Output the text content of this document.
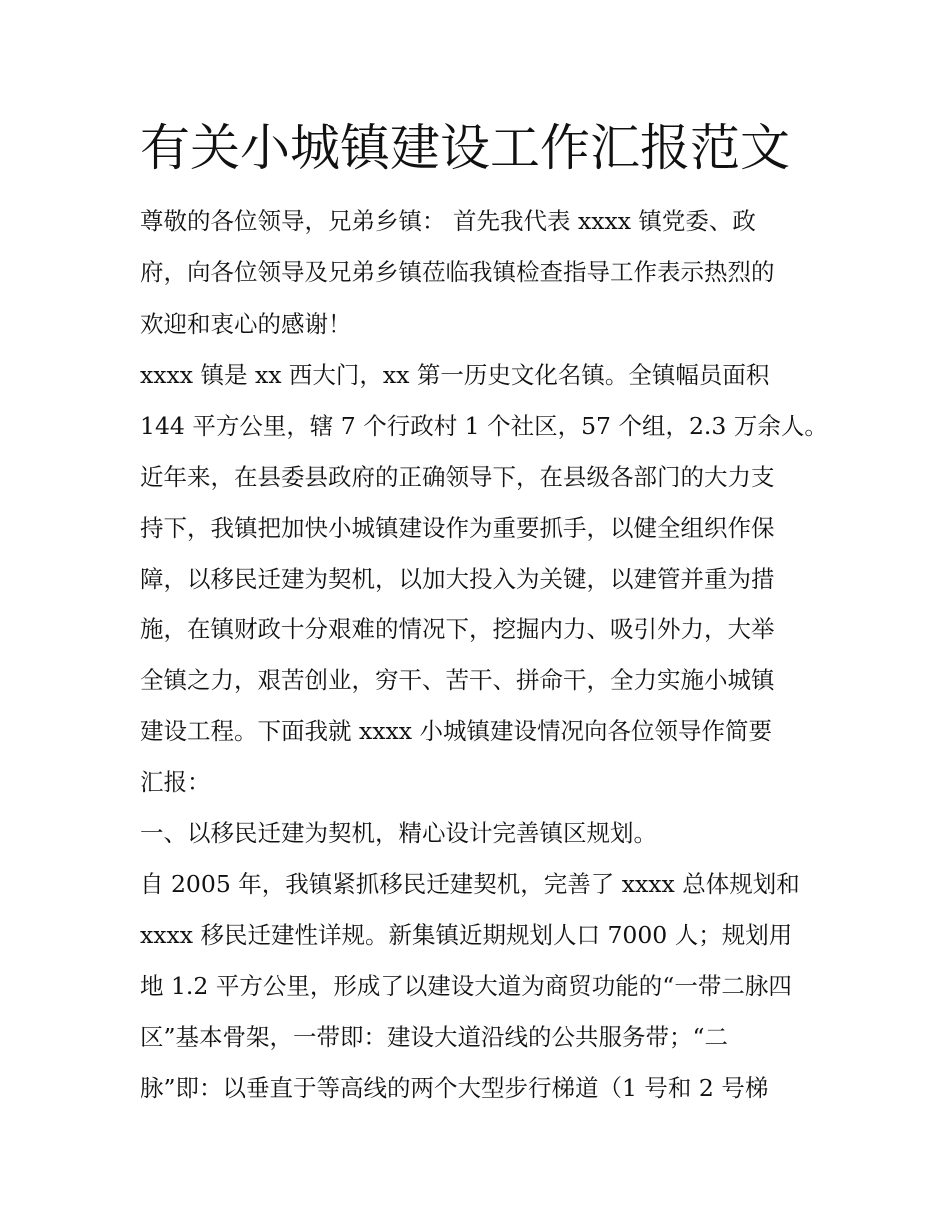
有关小城镇建设工作汇报范文

尊敬的各位领导，兄弟乡镇： 首先我代表 xxxx 镇党委、政

府，向各位领导及兄弟乡镇莅临我镇检查指导工作表示热烈的

欢迎和衷心的感谢！

xxxx 镇是 xx 西大门，xx 第一历史文化名镇。全镇幅员面积

144 平方公里，辖 7 个行政村 1 个社区，57 个组，2.3 万余人。

近年来，在县委县政府的正确领导下，在县级各部门的大力支

持下，我镇把加快小城镇建设作为重要抓手，以健全组织作保

障，以移民迁建为契机，以加大投入为关键，以建管并重为措

施，在镇财政十分艰难的情况下，挖掘内力、吸引外力，大举

全镇之力，艰苦创业，穷干、苦干、拼命干，全力实施小城镇

建设工程。下面我就 xxxx 小城镇建设情况向各位领导作简要

汇报：

一、以移民迁建为契机，精心设计完善镇区规划。

自 2005 年，我镇紧抓移民迁建契机，完善了 xxxx 总体规划和

xxxx 移民迁建性详规。新集镇近期规划人口 7000 人；规划用

地 1.2 平方公里，形成了以建设大道为商贸功能的“一带二脉四

区”基本骨架，一带即：建设大道沿线的公共服务带；“二

脉”即：以垂直于等高线的两个大型步行梯道（1 号和 2 号梯
